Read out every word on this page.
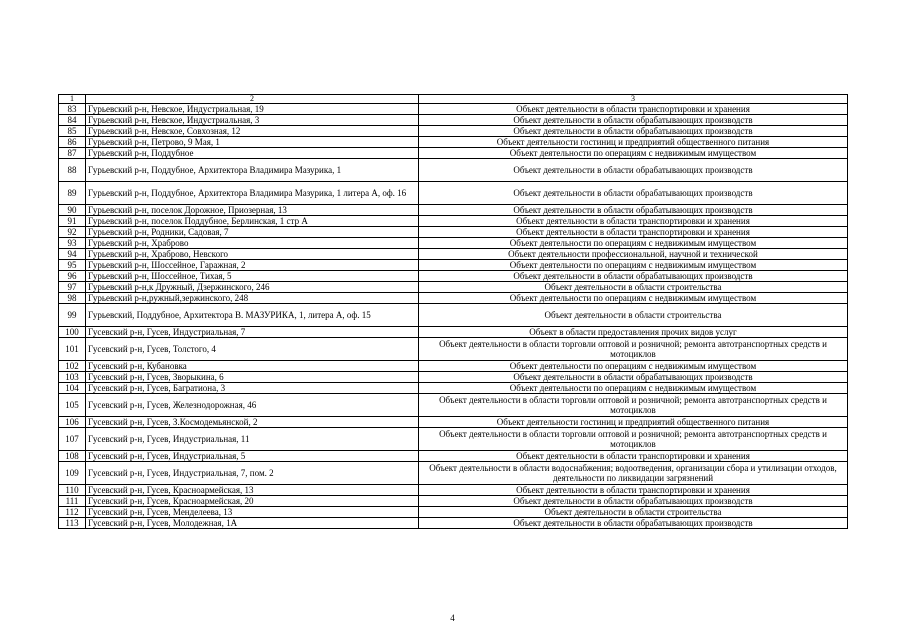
1	2	3
83	Гурьевский р-н, Невское, Индустриальная, 19	Объект деятельности в области транспортировки и хранения
84	Гурьевский р-н, Невское, Индустриальная, 3	Объект деятельности в области обрабатывающих производств
85	Гурьевский р-н, Невское, Совхозная, 12	Объект деятельности в области обрабатывающих производств
86	Гурьевский р-н, Петрово, 9 Мая, 1	Объект деятельности гостиниц и предприятий общественного питания
87	Гурьевский р-н, Поддубное	Объект деятельности по операциям с недвижимым имуществом
88	Гурьевский р-н, Поддубное, Архитектора Владимира Мазурика, 1	Объект деятельности в области обрабатывающих производств
89	Гурьевский р-н, Поддубное, Архитектора Владимира Мазурика, 1 литера А, оф. 16	Объект деятельности в области обрабатывающих производств
90	Гурьевский р-н, поселок Дорожное, Приозерная, 13	Объект деятельности в области обрабатывающих производств
91	Гурьевский р-н, поселок Поддубное, Берлинская, 1 стр А	Объект деятельности в области транспортировки и хранения
92	Гурьевский р-н, Родники, Садовая, 7	Объект деятельности в области транспортировки и хранения
93	Гурьевский р-н, Храброво	Объект деятельности по операциям с недвижимым имуществом
94	Гурьевский р-н, Храброво, Невского	Объект деятельности профессиональной, научной и технической
95	Гурьевский р-н, Шоссейное, Гаражная, 2	Объект деятельности по операциям с недвижимым имуществом
96	Гурьевский р-н, Шоссейное, Тихая, 5	Объект деятельности в области обрабатывающих производств
97	Гурьевский р-н,к Дружный, Дзержинского, 246	Объект деятельности в области строительства
98	Гурьевский р-н,ружный,зержинского, 248	Объект деятельности по операциям с недвижимым имуществом
99	Гурьевский, Поддубное, Архитектора В. МАЗУРИКА, 1, литера А, оф. 15	Объект деятельности в области строительства
100	Гусевский р-н, Гусев, Индустриальная, 7	Объект в области предоставления прочих видов услуг
101	Гусевский р-н, Гусев, Толстого, 4	Объект деятельности в области торговли оптовой и розничной; ремонта автотранспортных средств и мотоциклов
102	Гусевский р-н, Кубановка	Объект деятельности по операциям с недвижимым имуществом
103	Гусевский р-н, Гусев, Зворыкина, 6	Объект деятельности в области обрабатывающих производств
104	Гусевский р-н, Гусев, Багратиона, 3	Объект деятельности по операциям с недвижимым имуществом
105	Гусевский р-н, Гусев, Железнодорожная, 46	Объект деятельности в области торговли оптовой и розничной; ремонта автотранспортных средств и мотоциклов
106	Гусевский р-н, Гусев, З.Космодемьянской, 2	Объект деятельности гостиниц и предприятий общественного питания
107	Гусевский р-н, Гусев, Индустриальная, 11	Объект деятельности в области торговли оптовой и розничной; ремонта автотранспортных средств и мотоциклов
108	Гусевский р-н, Гусев, Индустриальная, 5	Объект деятельности в области транспортировки и хранения
109	Гусевский р-н, Гусев, Индустриальная, 7, пом. 2	Объект деятельности в области водоснабжения; водоотведения, организации сбора и утилизации отходов, деятельности по ликвидации загрязнений
110	Гусевский р-н, Гусев, Красноармейская, 13	Объект деятельности в области транспортировки и хранения
111	Гусевский р-н, Гусев, Красноармейская, 20	Объект деятельности в области обрабатывающих производств
112	Гусевский р-н, Гусев, Менделеева, 13	Объект деятельности в области строительства
113	Гусевский р-н, Гусев, Молодежная, 1А	Объект деятельности в области обрабатывающих производств
4
